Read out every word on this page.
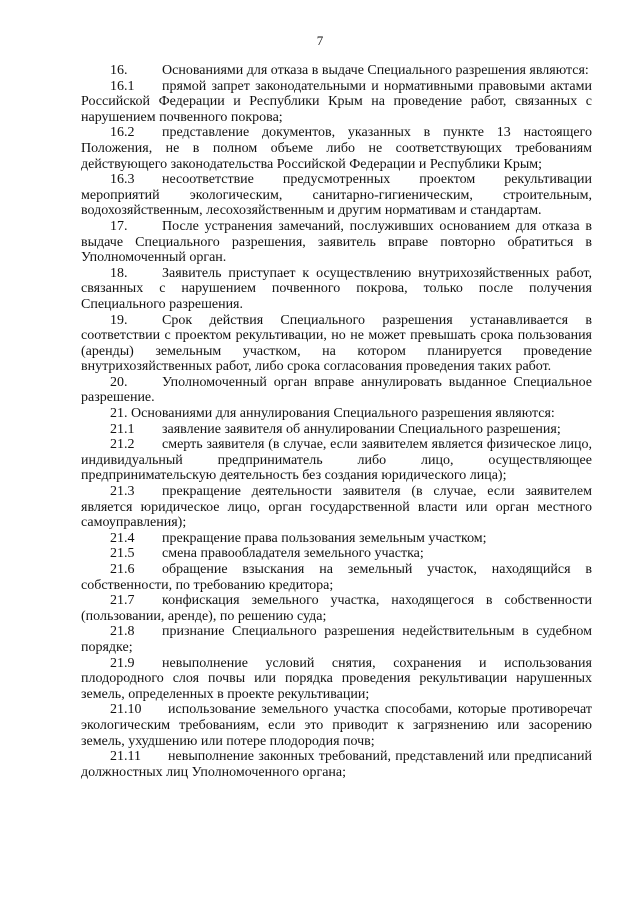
7

16. Основаниями для отказа в выдаче Специального разрешения являются:

16.1 прямой запрет законодательными и нормативными правовыми актами Российской Федерации и Республики Крым на проведение работ, связанных с нарушением почвенного покрова;

16.2 представление документов, указанных в пункте 13 настоящего Положения, не в полном объеме либо не соответствующих требованиям действующего законодательства Российской Федерации и Республики Крым;

16.3 несоответствие предусмотренных проектом рекультивации мероприятий экологическим, санитарно-гигиеническим, строительным, водохозяйственным, лесохозяйственным и другим нормативам и стандартам.

17. После устранения замечаний, послуживших основанием для отказа в выдаче Специального разрешения, заявитель вправе повторно обратиться в Уполномоченный орган.

18. Заявитель приступает к осуществлению внутрихозяйственных работ, связанных с нарушением почвенного покрова, только после получения Специального разрешения.

19. Срок действия Специального разрешения устанавливается в соответствии с проектом рекультивации, но не может превышать срока пользования (аренды) земельным участком, на котором планируется проведение внутрихозяйственных работ, либо срока согласования проведения таких работ.

20. Уполномоченный орган вправе аннулировать выданное Специальное разрешение.

21. Основаниями для аннулирования Специального разрешения являются:

21.1 заявление заявителя об аннулировании Специального разрешения;

21.2 смерть заявителя (в случае, если заявителем является физическое лицо, индивидуальный предприниматель либо лицо, осуществляющее предпринимательскую деятельность без создания юридического лица);

21.3 прекращение деятельности заявителя (в случае, если заявителем является юридическое лицо, орган государственной власти или орган местного самоуправления);

21.4 прекращение права пользования земельным участком;

21.5 смена правообладателя земельного участка;

21.6 обращение взыскания на земельный участок, находящийся в собственности, по требованию кредитора;

21.7 конфискация земельного участка, находящегося в собственности (пользовании, аренде), по решению суда;

21.8 признание Специального разрешения недействительным в судебном порядке;

21.9 невыполнение условий снятия, сохранения и использования плодородного слоя почвы или порядка проведения рекультивации нарушенных земель, определенных в проекте рекультивации;

21.10 использование земельного участка способами, которые противоречат экологическим требованиям, если это приводит к загрязнению или засорению земель, ухудшению или потере плодородия почв;

21.11 невыполнение законных требований, представлений или предписаний должностных лиц Уполномоченного органа;
